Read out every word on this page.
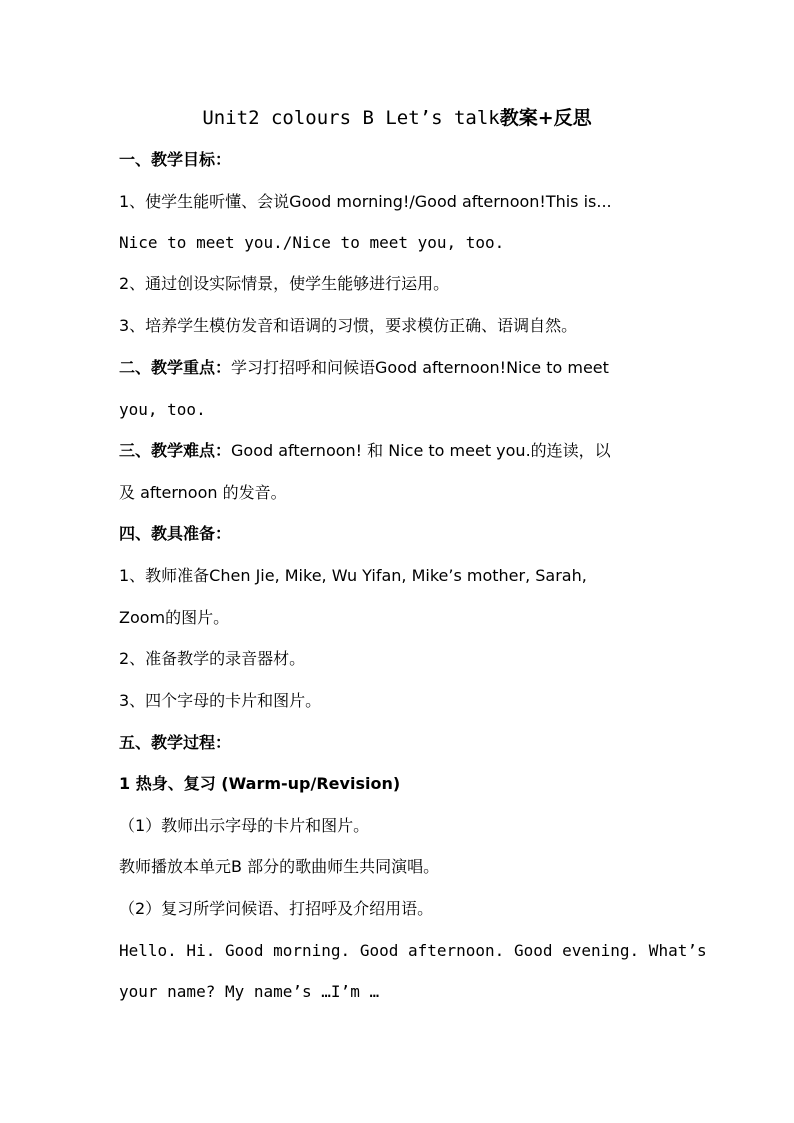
Unit2 colours B Let’s talk教案+反思
一、教学目标：
1、使学生能听懂、会说Good morning!/Good afternoon!This is...
Nice to meet you./Nice to meet you, too.
2、通过创设实际情景，使学生能够进行运用。
3、培养学生模仿发音和语调的习惯，要求模仿正确、语调自然。
二、教学重点：学习打招呼和问候语Good afternoon!Nice to meet
you, too.
三、教学难点：Good afternoon! 和 Nice to meet you.的连读，以
及 afternoon 的发音。
四、教具准备：
1、教师准备Chen Jie, Mike, Wu Yifan, Mike’s mother, Sarah,
Zoom的图片。
2、准备教学的录音器材。
3、四个字母的卡片和图片。
五、教学过程：
1 热身、复习 (Warm-up/Revision)
（1）教师出示字母的卡片和图片。
教师播放本单元B 部分的歌曲师生共同演唱。
（2）复习所学问候语、打招呼及介绍用语。
Hello. Hi. Good morning. Good afternoon. Good evening. What’s
your name? My name’s …I’m …
